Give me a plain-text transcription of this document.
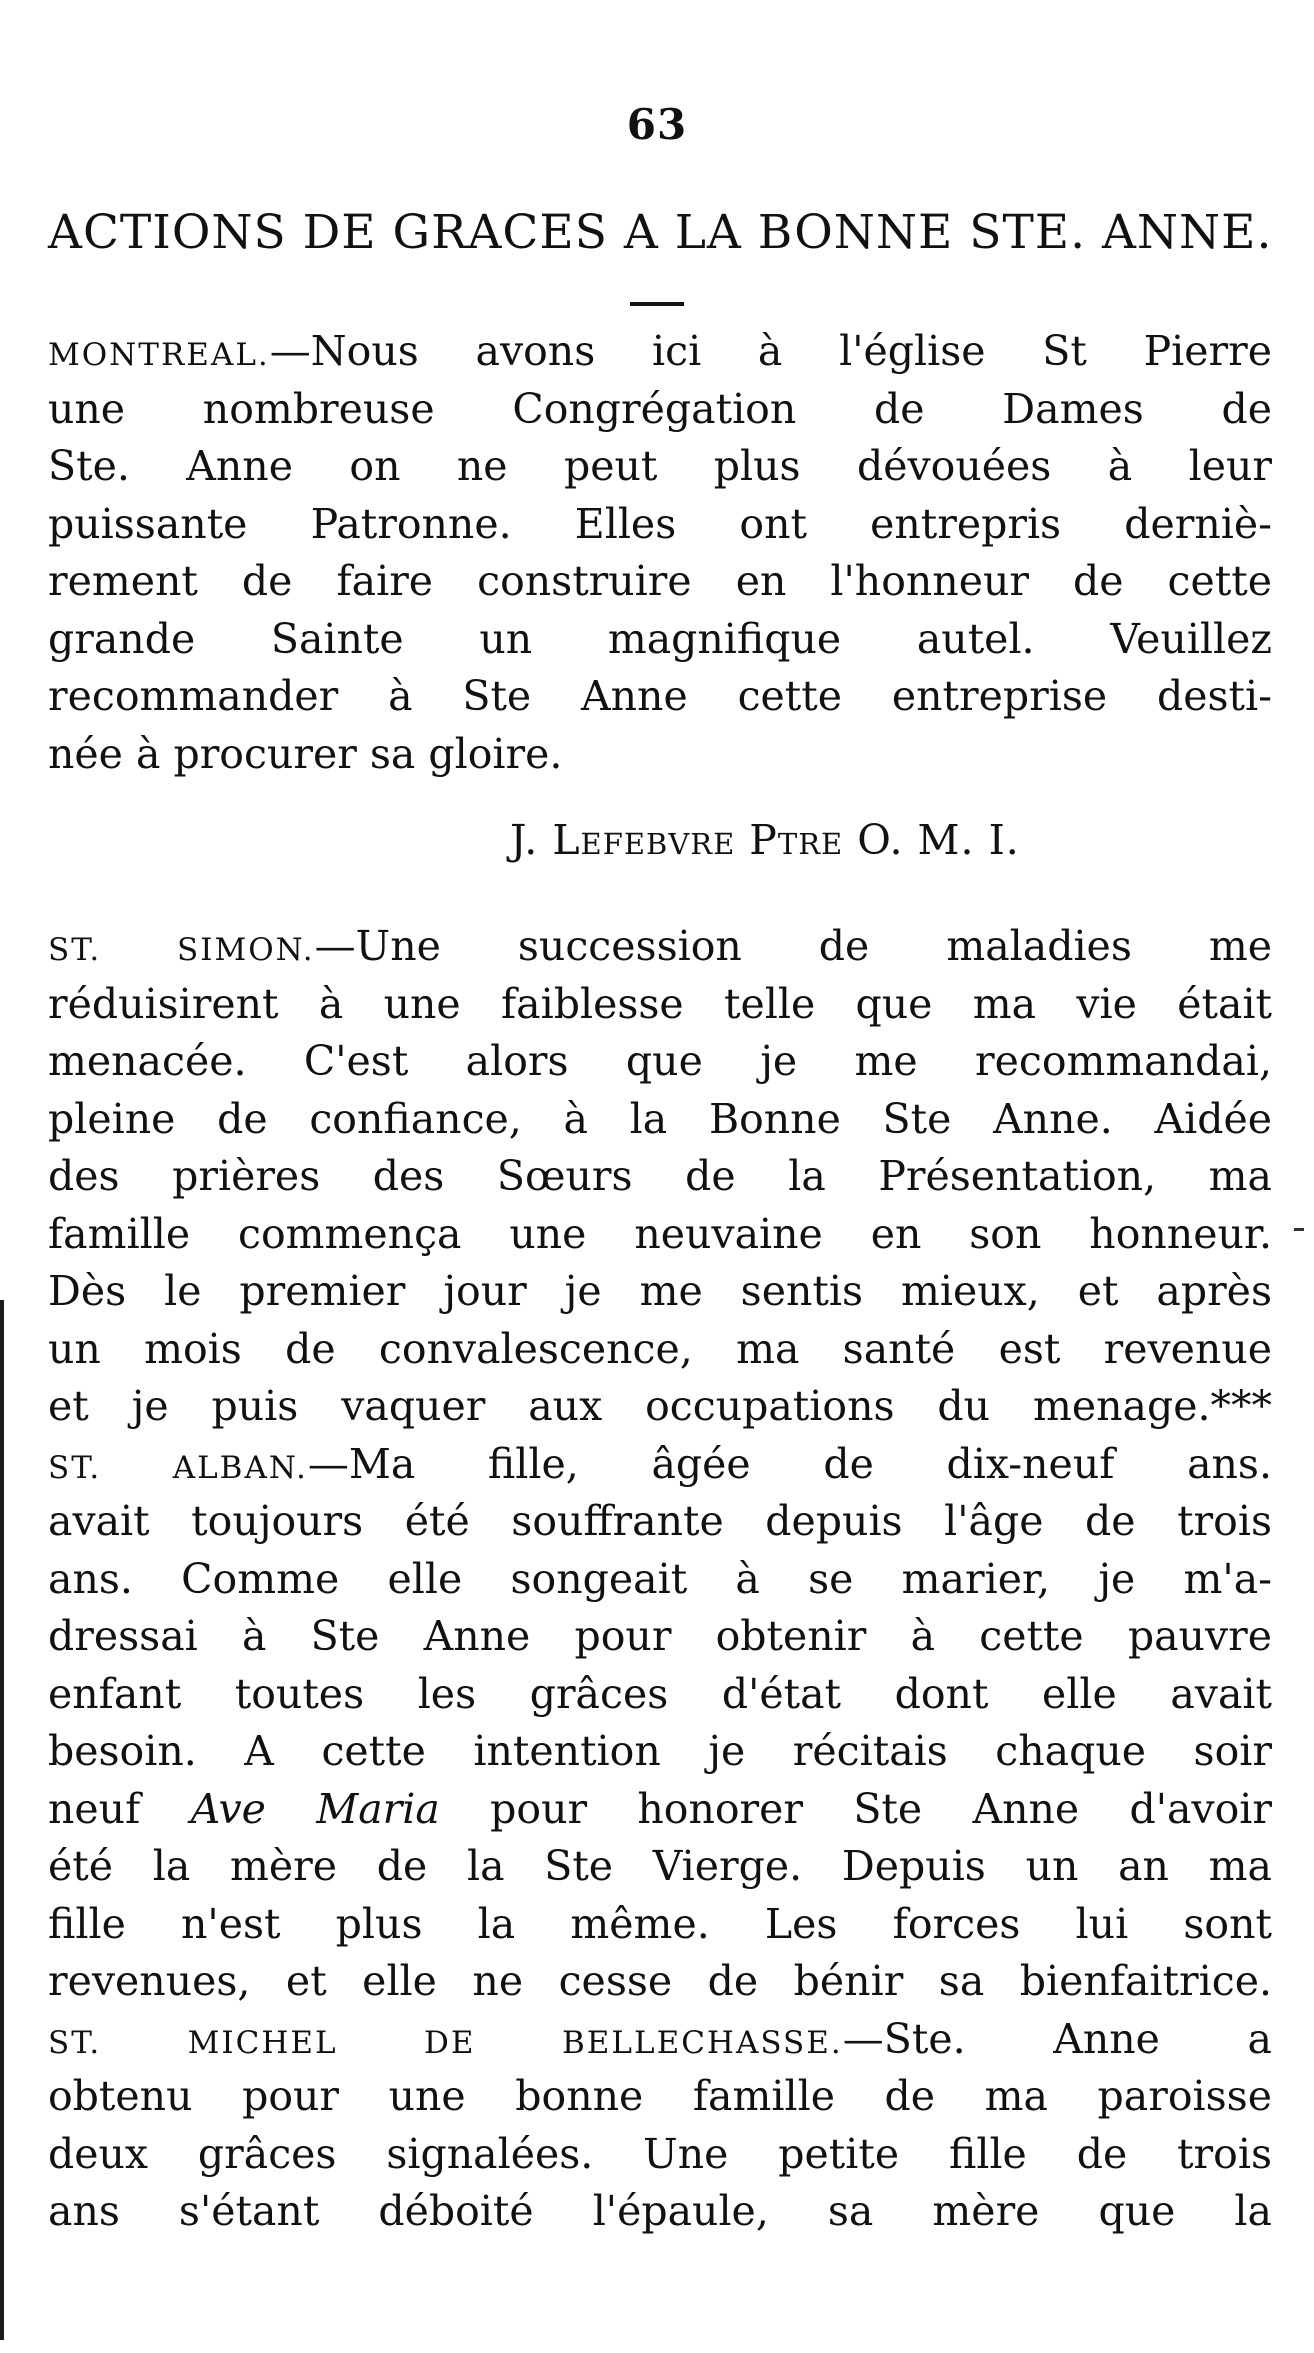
63
ACTIONS DE GRACES A LA BONNE STE. ANNE.
MONTREAL.—Nous avons ici à l'église St Pierre
une nombreuse Congrégation de Dames de
Ste. Anne on ne peut plus dévouées à leur
puissante Patronne. Elles ont entrepris derniè-
rement de faire construire en l'honneur de cette
grande Sainte un magnifique autel. Veuillez
recommander à Ste Anne cette entreprise desti-
née à procurer sa gloire.
J. Lefebvre Ptre O. M. I.
ST. SIMON.—Une succession de maladies me
réduisirent à une faiblesse telle que ma vie était
menacée. C'est alors que je me recommandai,
pleine de confiance, à la Bonne Ste Anne. Aidée
des prières des Sœurs de la Présentation, ma
famille commença une neuvaine en son honneur.
Dès le premier jour je me sentis mieux, et après
un mois de convalescence, ma santé est revenue
et je puis vaquer aux occupations du menage.***
ST. ALBAN.—Ma fille, âgée de dix-neuf ans.
avait toujours été souffrante depuis l'âge de trois
ans. Comme elle songeait à se marier, je m'a-
dressai à Ste Anne pour obtenir à cette pauvre
enfant toutes les grâces d'état dont elle avait
besoin. A cette intention je récitais chaque soir
neuf Ave Maria pour honorer Ste Anne d'avoir
été la mère de la Ste Vierge. Depuis un an ma
fille n'est plus la même. Les forces lui sont
revenues, et elle ne cesse de bénir sa bienfaitrice.
ST. MICHEL DE BELLECHASSE.—Ste. Anne a
obtenu pour une bonne famille de ma paroisse
deux grâces signalées. Une petite fille de trois
ans s'étant déboité l'épaule, sa mère que la
